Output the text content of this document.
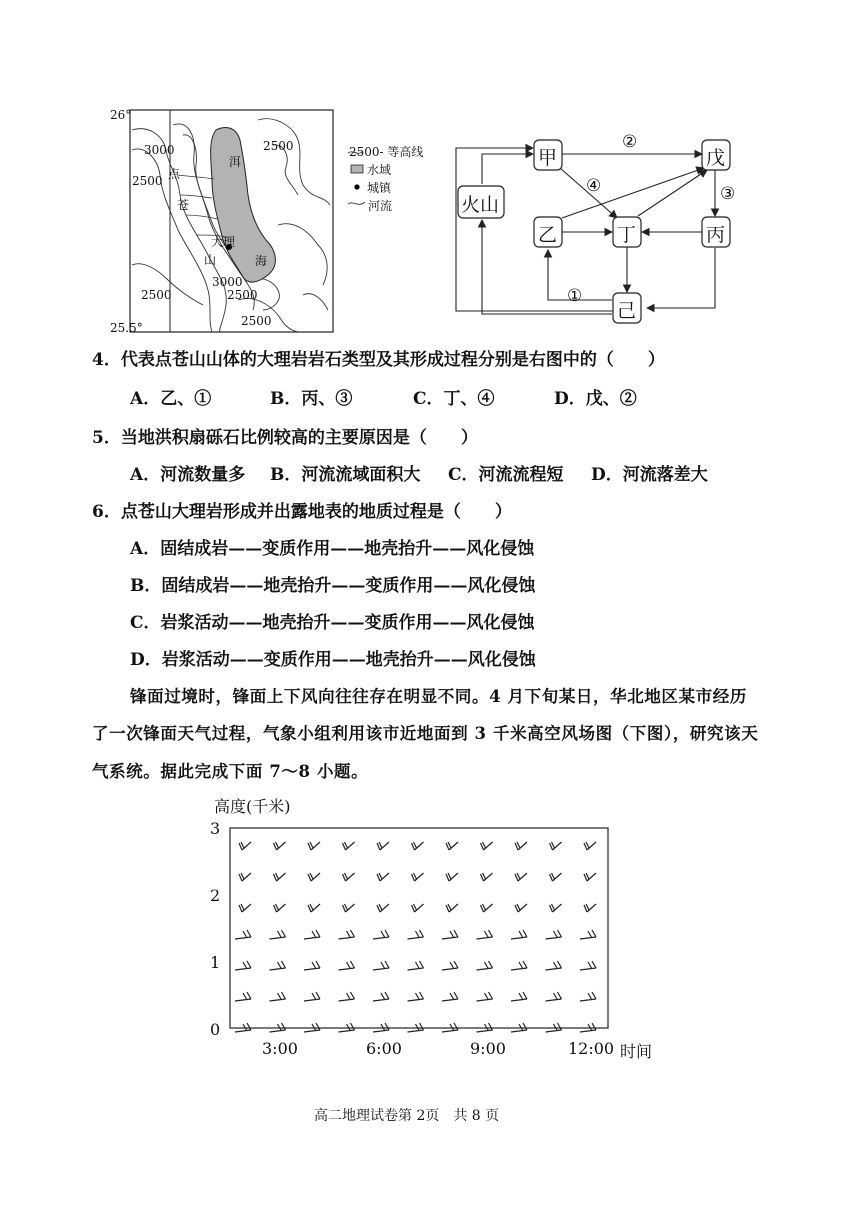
26°
25.5°
3000
2500
2500
2500
3000
2500
2500
点
苍
山
大理
洱
海
2500- 等高线
水域
城镇
河流	火山
甲
乙	丁
戊
丙
己
①
②
③
④
4．代表点苍山山体的大理岩岩石类型及其形成过程分别是右图中的（　　）
A．乙、①	B．丙、③	C．丁、④	D．戊、②
5．当地洪积扇砾石比例较高的主要原因是（　　）
A．河流数量多 B．河流流域面积大 C．河流流程短 D．河流落差大
6．点苍山大理岩形成并出露地表的地质过程是（　　）
A．固结成岩——变质作用——地壳抬升——风化侵蚀
B．固结成岩——地壳抬升——变质作用——风化侵蚀
C．岩浆活动——地壳抬升——变质作用——风化侵蚀
D．岩浆活动——变质作用——地壳抬升——风化侵蚀
锋面过境时，锋面上下风向往往存在明显不同。4 月下旬某日，华北地区某市经历
了一次锋面天气过程，气象小组利用该市近地面到 3 千米高空风场图（下图），研究该天
气系统。据此完成下面 7～8 小题。
高度(千米)
3
2
1
0
3:00	6:00	9:00	12:00 时间
高二地理试卷第 2页　共 8 页
